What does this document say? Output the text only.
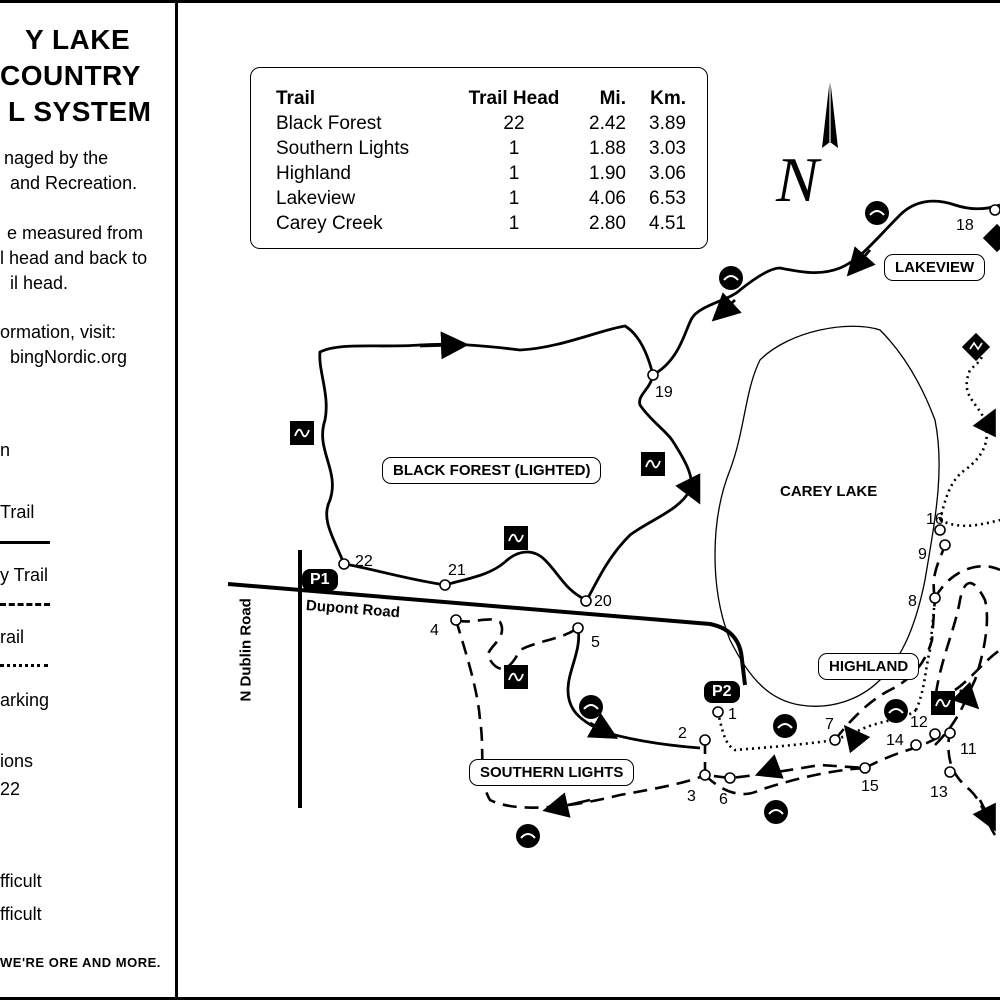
Y LAKE
COUNTRY
L SYSTEM
naged by the
and Recreation.
e measured from
l head and back to
il head.
ormation, visit:
bingNordic.org
n
Trail
y Trail
rail
arking
ions
22
fficult
fficult
WE'RE ORE AND MORE.
N
Trail	Trail Head	Mi.	Km.
Black Forest	22	2.42	3.89
Southern Lights	1	1.88	3.03
Highland	1	1.90	3.06
Lakeview	1	4.06	6.53
Carey Creek	1	2.80	4.51
LAKEVIEW
BLACK FOREST (LIGHTED)
CAREY LAKE
HIGHLAND
SOUTHERN LIGHTS
Dupont Road
N Dublin Road
P1
P2
1
2
3
4
5
6
7
8
9
11
12
13
14
15
16
18
19
20
21
22
